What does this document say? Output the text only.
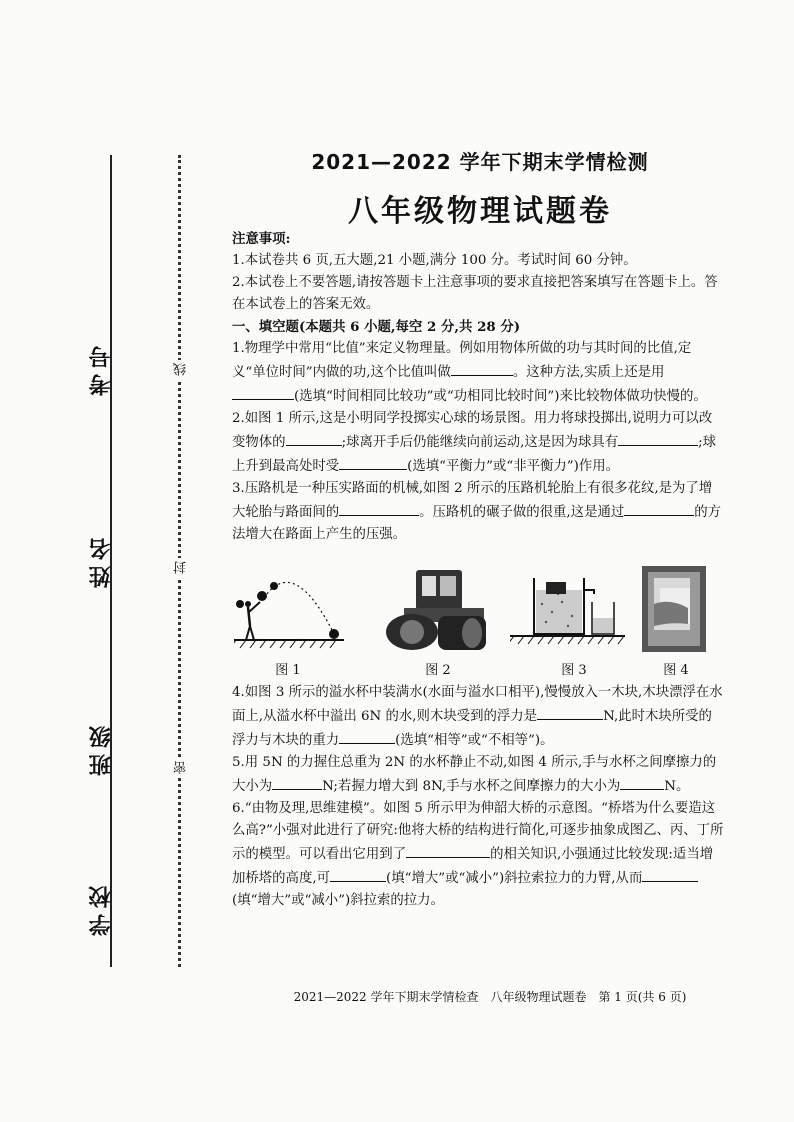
考号
姓名
班级
学校
线
封
密
2021—2022 学年下期末学情检测
八年级物理试题卷

注意事项:

1.本试卷共 6 页,五大题,21 小题,满分 100 分。考试时间 60 分钟。

2.本试卷上不要答题,请按答题卡上注意事项的要求直接把答案填写在答题卡上。答在本试卷上的答案无效。

一、填空题(本题共 6 小题,每空 2 分,共 28 分)

1.物理学中常用“比值”来定义物理量。例如用物体所做的功与其时间的比值,定义“单位时间”内做的功,这个比值叫做	。这种方法,实质上还是用(选填“时间相同比较功”或“功相同比较时间”)来比较物体做功快慢的。

2.如图 1 所示,这是小明同学投掷实心球的场景图。用力将球投掷出,说明力可以改变物体的	;球离开手后仍能继续向前运动,这是因为球具有	;球上升到最高处时受	(选填“平衡力”或“非平衡力”)作用。

3.压路机是一种压实路面的机械,如图 2 所示的压路机轮胎上有很多花纹,是为了增大轮胎与路面间的	。压路机的碾子做的很重,这是通过	的方法增大在路面上产生的压强。

图 1	图 2	图 3	图 4

4.如图 3 所示的溢水杯中装满水(水面与溢水口相平),慢慢放入一木块,木块漂浮在水面上,从溢水杯中溢出 6N 的水,则木块受到的浮力是	N,此时木块所受的浮力与木块的重力	(选填“相等”或“不相等”)。

5.用 5N 的力握住总重为 2N 的水杯静止不动,如图 4 所示,手与水杯之间摩擦力的大小为	N;若握力增大到 8N,手与水杯之间摩擦力的大小为	N。

6.“由物及理,思维建模”。如图 5 所示甲为伸韶大桥的示意图。“桥塔为什么要造这么高?”小强对此进行了研究:他将大桥的结构进行简化,可逐步抽象成图乙、丙、丁所示的模型。可以看出它用到了	的相关知识,小强通过比较发现:适当增加桥塔的高度,可	(填“增大”或“减小”)斜拉索拉力的力臂,从而(填“增大”或“减小”)斜拉索的拉力。

2021—2022 学年下期末学情检查　八年级物理试题卷　第 1 页(共 6 页)
